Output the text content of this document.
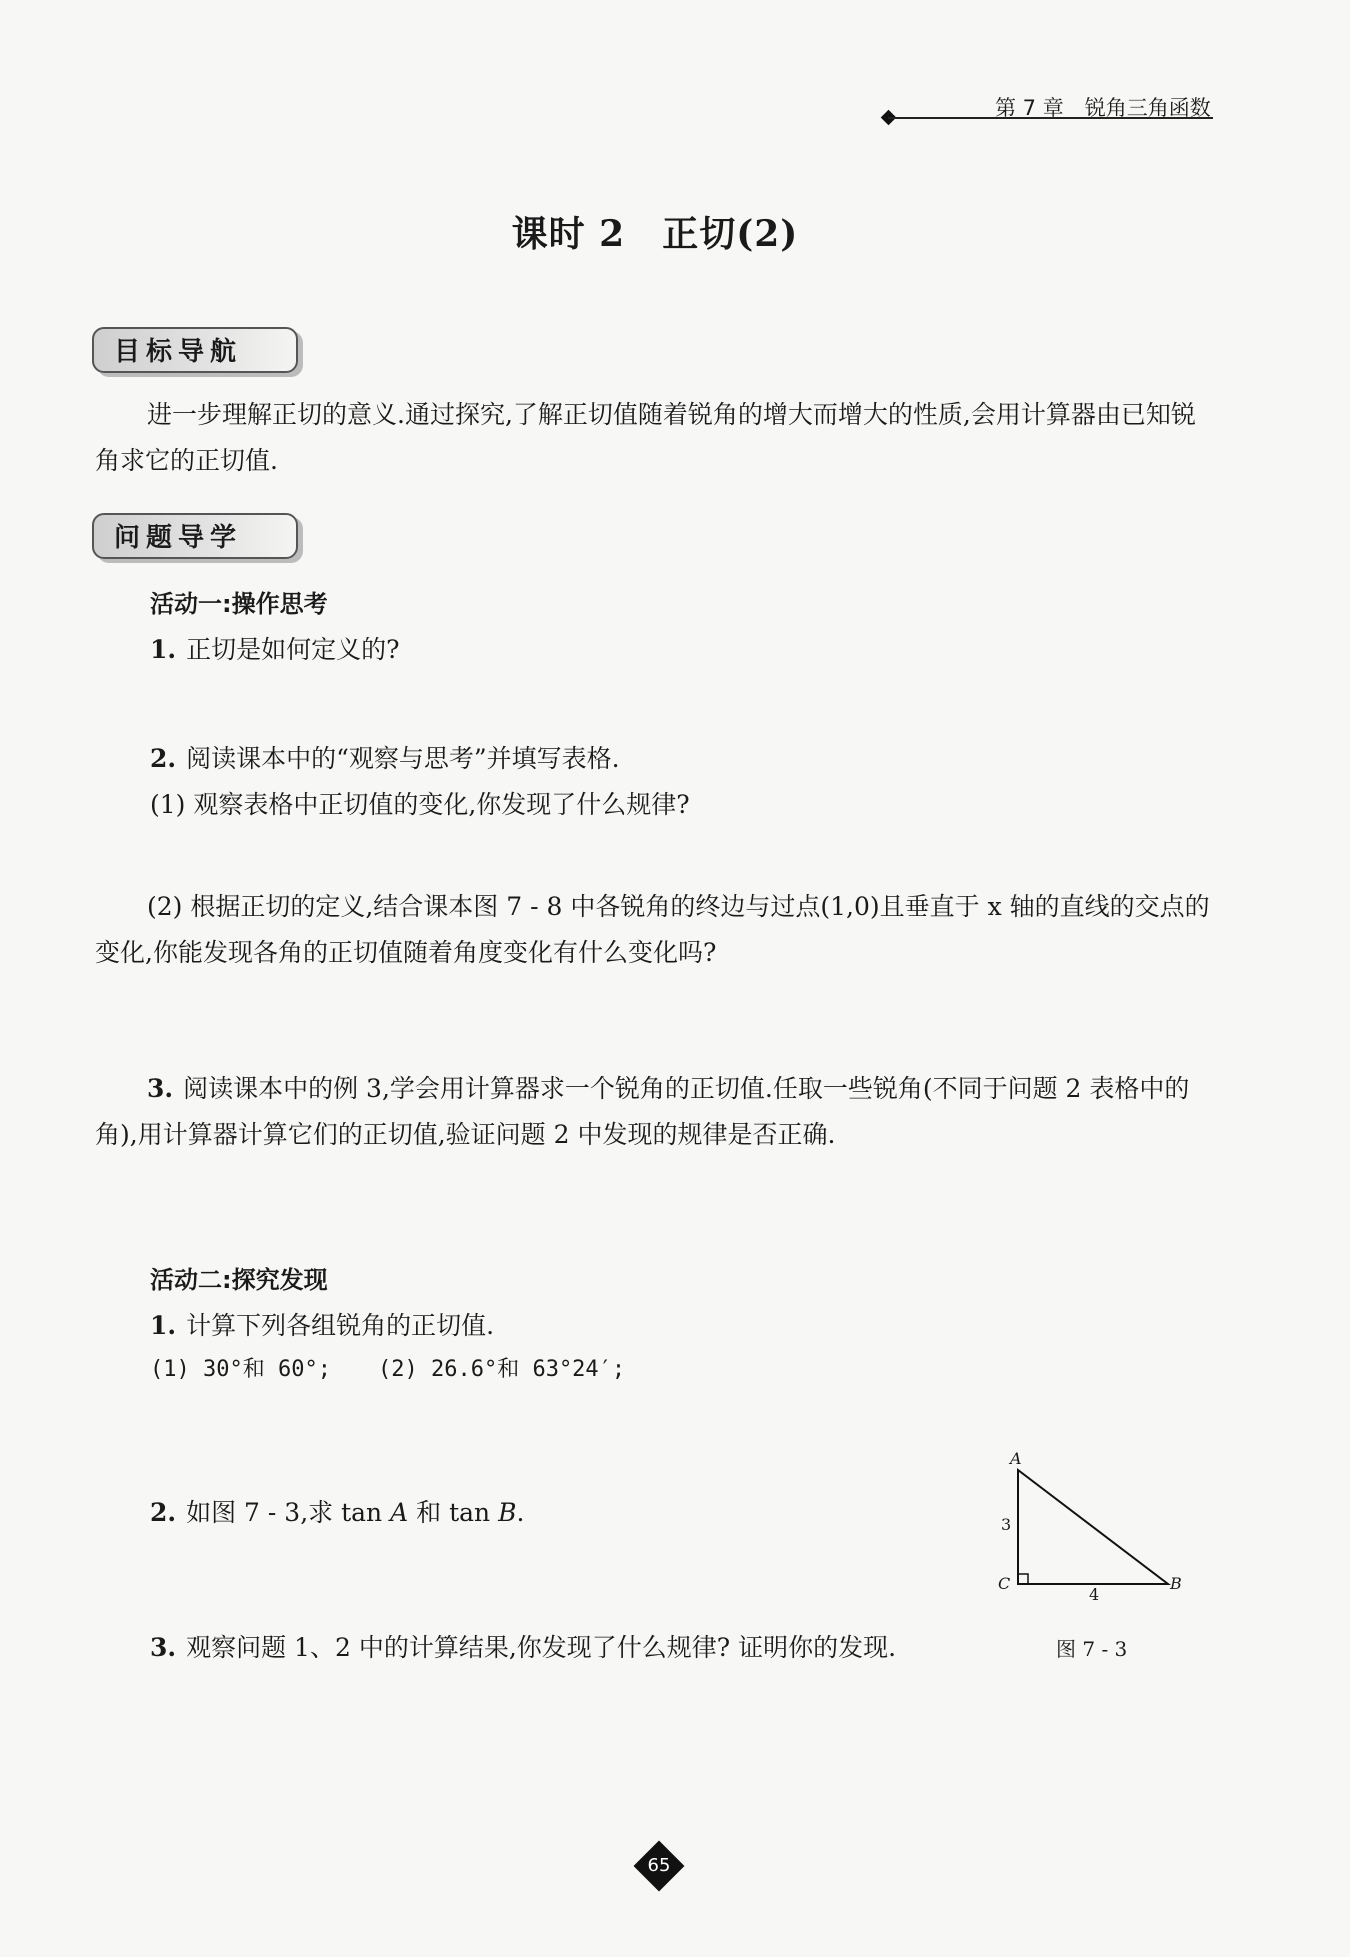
第 7 章　锐角三角函数
课时 2　正切(2)
目标导航
进一步理解正切的意义.通过探究,了解正切值随着锐角的增大而增大的性质,会用计算器由已知锐角求它的正切值.
问题导学
活动一:操作思考
1. 正切是如何定义的?
2. 阅读课本中的“观察与思考”并填写表格.
(1) 观察表格中正切值的变化,你发现了什么规律?
(2) 根据正切的定义,结合课本图 7 - 8 中各锐角的终边与过点(1,0)且垂直于 x 轴的直线的交点的变化,你能发现各角的正切值随着角度变化有什么变化吗?
3. 阅读课本中的例 3,学会用计算器求一个锐角的正切值.任取一些锐角(不同于问题 2 表格中的角),用计算器计算它们的正切值,验证问题 2 中发现的规律是否正确.
活动二:探究发现
1. 计算下列各组锐角的正切值.
(1) 30°和 60°; (2) 26.6°和 63°24′;
2. 如图 7 - 3,求 tan A 和 tan B.
3. 观察问题 1、2 中的计算结果,你发现了什么规律? 证明你的发现.
A
B
C
3
4
图 7 - 3
65
